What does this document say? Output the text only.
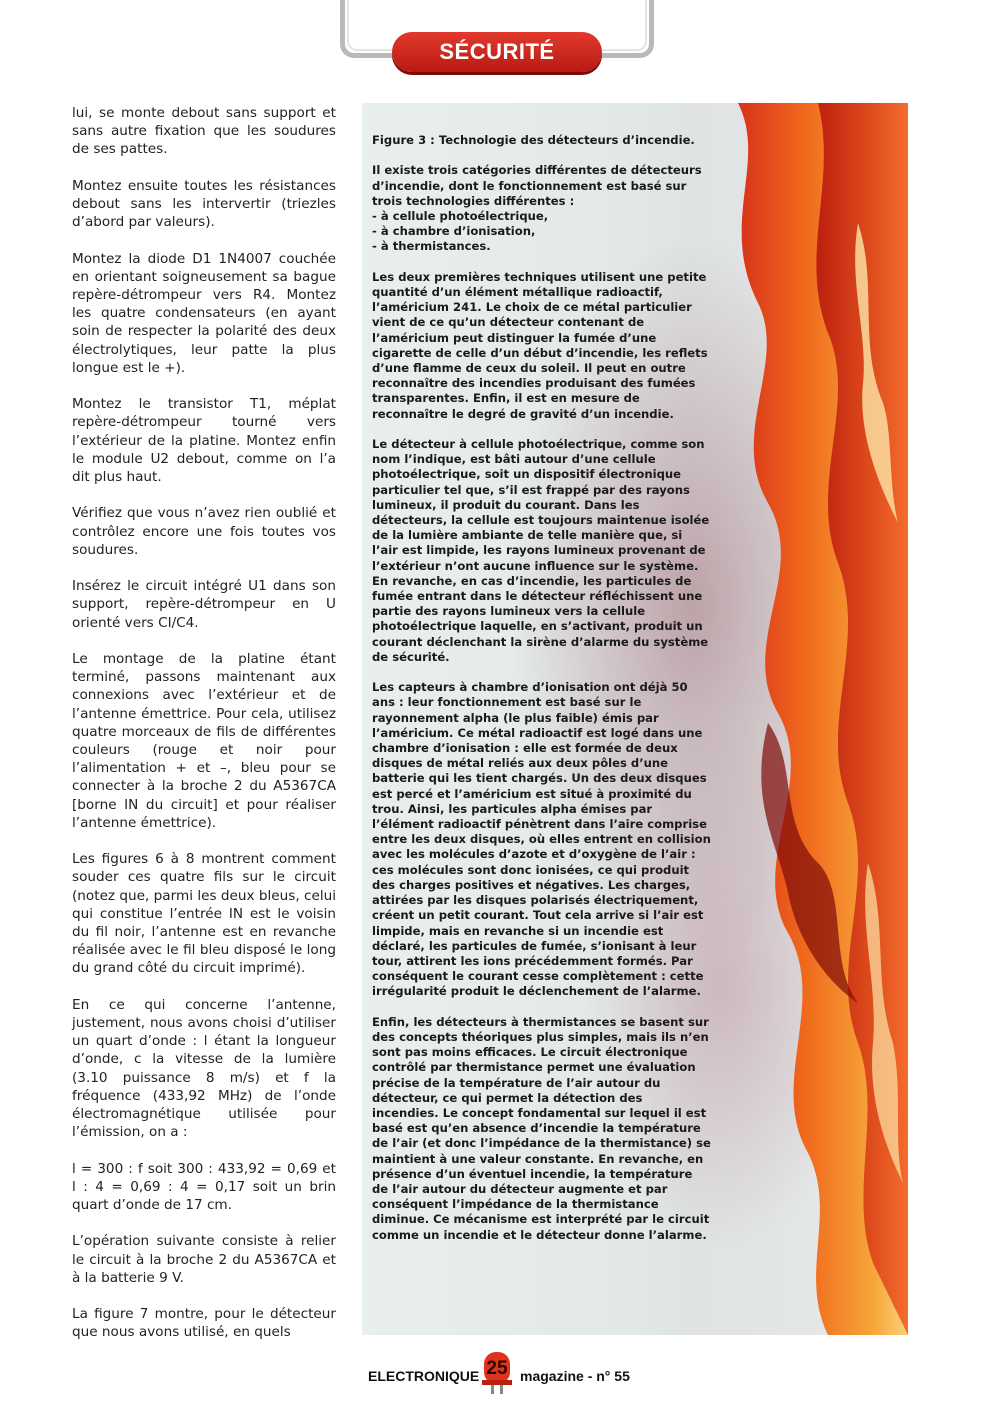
SÉCURITÉ

lui, se monte debout sans support et sans autre fixation que les soudures de ses pattes.

Montez ensuite toutes les résistances debout sans les intervertir (triezles d’abord par valeurs).

Montez la diode D1 1N4007 couchée en orientant soigneusement sa bague repère-détrompeur vers R4. Montez les quatre condensateurs (en ayant soin de respecter la polarité des deux électrolytiques, leur patte la plus longue est le +).

Montez le transistor T1, méplat repère-détrompeur tourné vers l’extérieur de la platine. Montez enfin le module U2 debout, comme on l’a dit plus haut.

Vérifiez que vous n’avez rien oublié et contrôlez encore une fois toutes vos soudures.

Insérez le circuit intégré U1 dans son support, repère-détrompeur en U orienté vers CI/C4.

Le montage de la platine étant terminé, passons maintenant aux connexions avec l’extérieur et de l’antenne émettrice. Pour cela, utilisez quatre morceaux de fils de différentes couleurs (rouge et noir pour l’alimentation + et –, bleu pour se connecter à la broche 2 du A5367CA [borne IN du circuit] et pour réaliser l’antenne émettrice).

Les figures 6 à 8 montrent comment souder ces quatre fils sur le circuit (notez que, parmi les deux bleus, celui qui constitue l’entrée IN est le voisin du fil noir, l’antenne est en revanche réalisée avec le fil bleu disposé le long du grand côté du circuit imprimé).

En ce qui concerne l’antenne, justement, nous avons choisi d’utiliser un quart d’onde : l étant la longueur d’onde, c la vitesse de la lumière (3.10 puissance 8 m/s) et f la fréquence (433,92 MHz) de l’onde électromagnétique utilisée pour l’émission, on a :

l = 300 : f soit 300 : 433,92 = 0,69 et l : 4 = 0,69 : 4 = 0,17 soit un brin quart d’onde de 17 cm.

L’opération suivante consiste à relier le circuit à la broche 2 du A5367CA et à la batterie 9 V.

La figure 7 montre, pour le détecteur que nous avons utilisé, en quels

Figure 3 : Technologie des détecteurs d’incendie.

Il existe trois catégories différentes de détecteurs d’incendie, dont le fonctionnement est basé sur trois technologies différentes :
- à cellule photoélectrique,
- à chambre d’ionisation,
- à thermistances.

Les deux premières techniques utilisent une petite quantité d’un élément métallique radioactif, l’américium 241. Le choix de ce métal particulier vient de ce qu’un détecteur contenant de l’américium peut distinguer la fumée d’une cigarette de celle d’un début d’incendie, les reflets d’une flamme de ceux du soleil. Il peut en outre reconnaître des incendies produisant des fumées transparentes. Enfin, il est en mesure de reconnaître le degré de gravité d’un incendie.

Le détecteur à cellule photoélectrique, comme son nom l’indique, est bâti autour d’une cellule photoélectrique, soit un dispositif électronique particulier tel que, s’il est frappé par des rayons lumineux, il produit du courant. Dans les détecteurs, la cellule est toujours maintenue isolée de la lumière ambiante de telle manière que, si l’air est limpide, les rayons lumineux provenant de l’extérieur n’ont aucune influence sur le système. En revanche, en cas d’incendie, les particules de fumée entrant dans le détecteur réfléchissent une partie des rayons lumineux vers la cellule photoélectrique laquelle, en s’activant, produit un courant déclenchant la sirène d’alarme du système de sécurité.

Les capteurs à chambre d’ionisation ont déjà 50 ans : leur fonctionnement est basé sur le rayonnement alpha (le plus faible) émis par l’américium. Ce métal radioactif est logé dans une chambre d’ionisation : elle est formée de deux disques de métal reliés aux deux pôles d’une batterie qui les tient chargés. Un des deux disques est percé et l’américium est situé à proximité du trou. Ainsi, les particules alpha émises par l’élément radioactif pénètrent dans l’aire comprise entre les deux disques, où elles entrent en collision avec les molécules d’azote et d’oxygène de l’air : ces molécules sont donc ionisées, ce qui produit des charges positives et négatives. Les charges, attirées par les disques polarisés électriquement, créent un petit courant. Tout cela arrive si l’air est limpide, mais en revanche si un incendie est déclaré, les particules de fumée, s’ionisant à leur tour, attirent les ions précédemment formés. Par conséquent le courant cesse complètement : cette irrégularité produit le déclenchement de l’alarme.

Enfin, les détecteurs à thermistances se basent sur des concepts théoriques plus simples, mais ils n’en sont pas moins efficaces. Le circuit électronique contrôlé par thermistance permet une évaluation précise de la température de l’air autour du détecteur, ce qui permet la détection des incendies. Le concept fondamental sur lequel il est basé est qu’en absence d’incendie la température de l’air (et donc l’impédance de la thermistance) se maintient à une valeur constante. En revanche, en présence d’un éventuel incendie, la température de l’air autour du détecteur augmente et par conséquent l’impédance de la thermistance diminue. Ce mécanisme est interprété par le circuit comme un incendie et le détecteur donne l’alarme.

ELECTRONIQUE 25 magazine - n° 55
